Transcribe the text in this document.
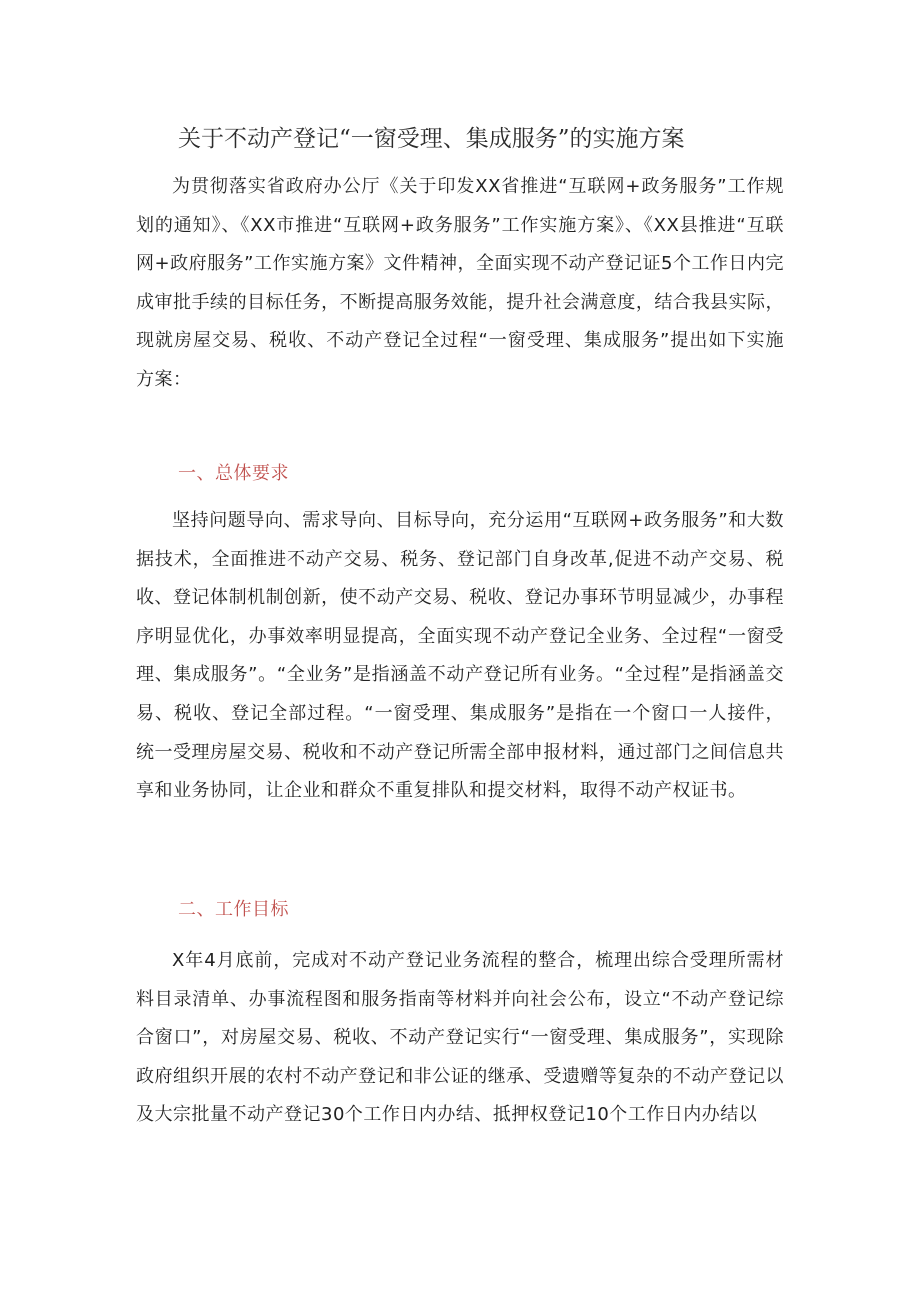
关于不动产登记“一窗受理、集成服务”的实施方案

为贯彻落实省政府办公厅《关于印发XX省推进“互联网+政务服务”工作规划的通知》、《XX市推进“互联网+政务服务”工作实施方案》、《XX县推进“互联网+政府服务”工作实施方案》文件精神，全面实现不动产登记证5个工作日内完成审批手续的目标任务，不断提高服务效能，提升社会满意度，结合我县实际，现就房屋交易、税收、不动产登记全过程“一窗受理、集成服务”提出如下实施方案：

一、总体要求

坚持问题导向、需求导向、目标导向，充分运用“互联网+政务服务”和大数据技术，全面推进不动产交易、税务、登记部门自身改革,促进不动产交易、税收、登记体制机制创新，使不动产交易、税收、登记办事环节明显减少，办事程序明显优化，办事效率明显提高，全面实现不动产登记全业务、全过程“一窗受理、集成服务”。“全业务”是指涵盖不动产登记所有业务。“全过程”是指涵盖交易、税收、登记全部过程。“一窗受理、集成服务”是指在一个窗口一人接件，统一受理房屋交易、税收和不动产登记所需全部申报材料，通过部门之间信息共享和业务协同，让企业和群众不重复排队和提交材料，取得不动产权证书。

二、工作目标

X年4月底前，完成对不动产登记业务流程的整合，梳理出综合受理所需材料目录清单、办事流程图和服务指南等材料并向社会公布，设立“不动产登记综合窗口”，对房屋交易、税收、不动产登记实行“一窗受理、集成服务”，实现除政府组织开展的农村不动产登记和非公证的继承、受遗赠等复杂的不动产登记以及大宗批量不动产登记30个工作日内办结、抵押权登记10个工作日内办结以
